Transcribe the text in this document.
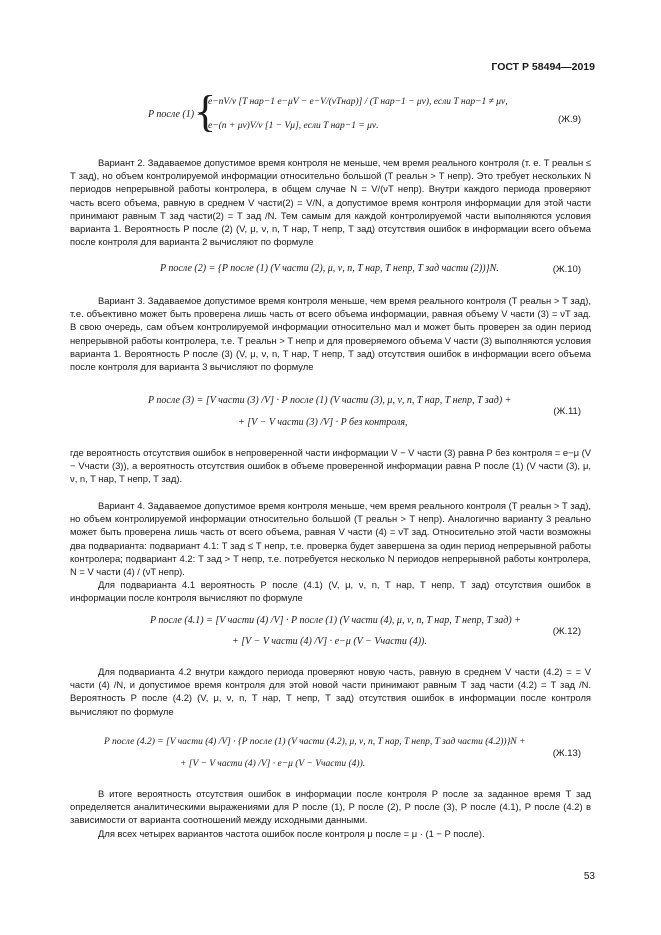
ГОСТ Р 58494—2019
P после (1) =
{
e−nV/ν [T нар−1 e−μV − e−V/(νTнар)] / (T нар−1 − μν), если T нар−1 ≠ μν,
e−(n + μν)V/ν [1 − Vμ], если T нар−1 = μν.
(Ж.9)

Вариант 2. Задаваемое допустимое время контроля не меньше, чем время реального контроля (т. е. T реальн ≤ T зад), но объем контролируемой информации относительно большой (T реальн > T непр). Это требует нескольких N периодов непрерывной работы контролера, в общем случае N = V/(νT непр). Внутри каждого периода проверяют часть всего объема, равную в среднем V части(2) = V/N, а допустимое время контроля информации для этой части принимают равным T зад части(2) = T зад /N. Тем самым для каждой контролируемой части выполняются условия варианта 1. Вероятность P после (2) (V, μ, ν, n, T нар, T непр, T зад) отсутствия ошибок в информации всего объема после контроля для варианта 2 вычисляют по формуле

P после (2) = {P после (1) (V части (2), μ, ν, n, T нар, T непр, T зад части (2))}N.	(Ж.10)

Вариант 3. Задаваемое допустимое время контроля меньше, чем время реального контроля (T реальн > T зад), т.е. объективно может быть проверена лишь часть от всего объема информации, равная объему V части (3) = νT зад. В свою очередь, сам объем контролируемой информации относительно мал и может быть проверен за один период непрерывной работы контролера, т.е. T реальн > T непр и для проверяемого объема V части (3) выполняются условия варианта 1. Вероятность P после (3) (V, μ, ν, n, T нар, T непр, T зад) отсутствия ошибок в информации всего объема после контроля для варианта 3 вычисляют по формуле

P после (3) = [V части (3) /V] · P после (1) (V части (3), μ, ν, n, T нар, T непр, T зад) +
+ [V − V части (3) /V] · P без контроля,
(Ж.11)

где вероятность отсутствия ошибок в непроверенной части информации V − V части (3) равна P без контроля = e−μ (V − Vчасти (3)), а вероятность отсутствия ошибок в объеме проверенной информации равна P после (1) (V части (3), μ, ν, n, T нар, T непр, T зад).

Вариант 4. Задаваемое допустимое время контроля меньше, чем время реального контроля (T реальн > T зад), но объем контролируемой информации относительно большой (T реальн > T непр). Аналогично варианту 3 реально может быть проверена лишь часть от всего объема, равная V части (4) = νT зад. Относительно этой части возможны два подварианта: подвариант 4.1: T зад ≤ T непр, т.е. проверка будет завершена за один период непрерывной работы контролера; подвариант 4.2: T зад > T непр, т.е. потребуется несколько N периодов непрерывной работы контролера, N = V части (4) / (νT непр).

Для подварианта 4.1 вероятность P после (4.1) (V, μ, ν, n, T нар, T непр, T зад) отсутствия ошибок в информации после контроля вычисляют по формуле

P после (4.1) = [V части (4) /V] · P после (1) (V части (4), μ, ν, n, T нар, T непр, T зад) +
+ [V − V части (4) /V] · e−μ (V − Vчасти (4)).
(Ж.12)

Для подварианта 4.2 внутри каждого периода проверяют новую часть, равную в среднем V части (4.2) = = V части (4) /N, и допустимое время контроля для этой новой части принимают равным T зад части (4.2) = T зад /N. Вероятность P после (4.2) (V, μ, ν, n, T нар, T непр, T зад) отсутствия ошибок в информации после контроля вычисляют по формуле

P после (4.2) = [V части (4) /V] · {P после (1) (V части (4.2), μ, ν, n, T нар, T непр, T зад части (4.2))}N +
+ [V − V части (4) /V] · e−μ (V − Vчасти (4)).
(Ж.13)

В итоге вероятность отсутствия ошибок в информации после контроля P после за заданное время T зад определяется аналитическими выражениями для P после (1), P после (2), P после (3), P после (4.1), P после (4.2) в зависимости от варианта соотношений между исходными данными.

Для всех четырех вариантов частота ошибок после контроля μ после = μ · (1 − P после).

53
